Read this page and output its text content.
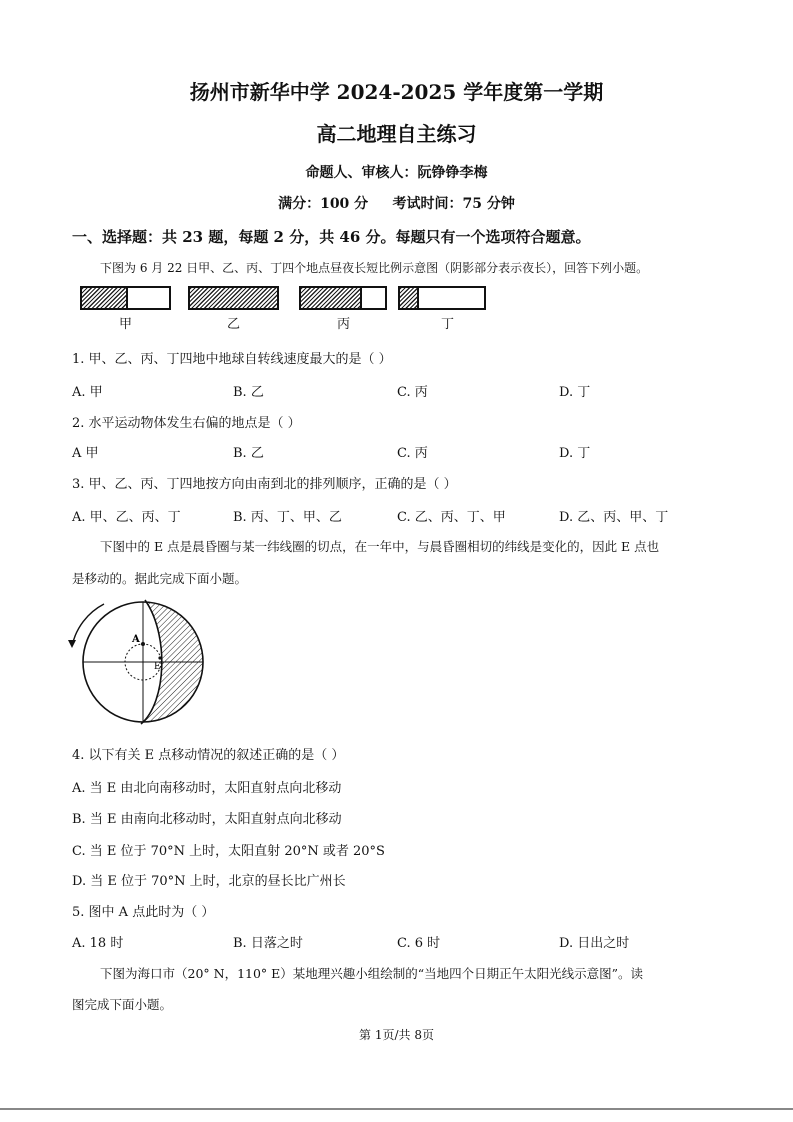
扬州市新华中学 2024-2025 学年度第一学期
高二地理自主练习
命题人、审核人：阮铮铮李梅
满分：100 分     考试时间：75 分钟
一、选择题：共 23 题，每题 2 分，共 46 分。每题只有一个选项符合题意。
下图为 6 月 22 日甲、乙、丙、丁四个地点昼夜长短比例示意图（阴影部分表示夜长），回答下列小题。
甲	乙	丙	丁
1. 甲、乙、丙、丁四地中地球自转线速度最大的是（ ）
A. 甲	B. 乙	C. 丙	D. 丁
2. 水平运动物体发生右偏的地点是（ ）
A 甲	B. 乙	C. 丙	D. 丁
3. 甲、乙、丙、丁四地按方向由南到北的排列顺序，正确的是（ ）
A. 甲、乙、丙、丁	B. 丙、丁、甲、乙	C. 乙、丙、丁、甲	D. 乙、丙、甲、丁
下图中的 E 点是晨昏圈与某一纬线圈的切点，在一年中，与晨昏圈相切的纬线是变化的，因此 E 点也
是移动的。据此完成下面小题。
A
E
4. 以下有关 E 点移动情况的叙述正确的是（ ）
A. 当 E 由北向南移动时，太阳直射点向北移动
B. 当 E 由南向北移动时，太阳直射点向北移动
C. 当 E 位于 70°N 上时，太阳直射 20°N 或者 20°S
D. 当 E 位于 70°N 上时，北京的昼长比广州长
5. 图中 A 点此时为（ ）
A. 18 时	B. 日落之时	C. 6 时	D. 日出之时
下图为海口市（20° N，110° E）某地理兴趣小组绘制的“当地四个日期正午太阳光线示意图”。读
图完成下面小题。
第 1页/共 8页
